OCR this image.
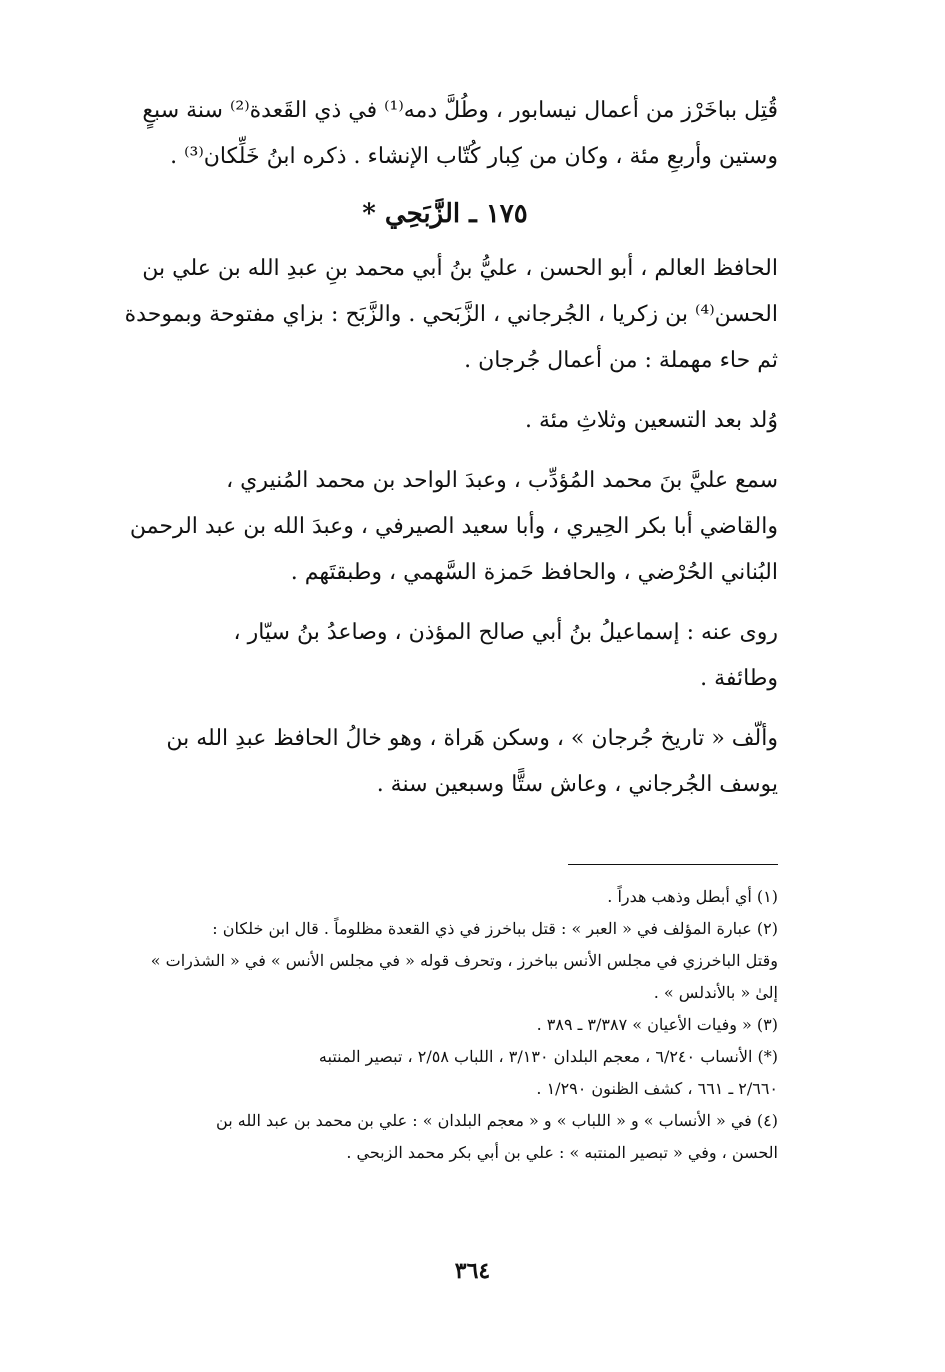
قُتِل بباخَرْز من أعمال نيسابور ، وطُلَّ دمه⁽¹⁾ في ذي القَعدة⁽²⁾ سنة سبعٍ

وستين وأربعِ مئة ، وكان من كِبار كُتّاب الإنشاء . ذكره ابنُ خَلِّكان⁽³⁾ .

١٧٥ ـ الزَّبَحِي *

الحافظ العالم ، أبو الحسن ، عليُّ بنُ أبي محمد بنِ عبدِ الله بن علي بن

الحسن⁽⁴⁾ بن زكريا ، الجُرجاني ، الزَّبَحي . والزَّبَح : بزاي مفتوحة وبموحدة

ثم حاء مهملة : من أعمال جُرجان .

وُلد بعد التسعين وثلاثِ مئة .

سمع عليَّ بنَ محمد المُؤدِّب ، وعبدَ الواحد بن محمد المُنيري ،

والقاضي أبا بكر الحِيري ، وأبا سعيد الصيرفي ، وعبدَ الله بن عبد الرحمن

البُناني الحُرْضي ، والحافظ حَمزة السَّهمي ، وطبقتَهم .

روى عنه : إسماعيلُ بنُ أبي صالح المؤذن ، وصاعدُ بنُ سيّار ،

وطائفة .

وألّف « تاريخ جُرجان » ، وسكن هَراة ، وهو خالُ الحافظ عبدِ الله بن

يوسف الجُرجاني ، وعاش ستًّا وسبعين سنة .

(١) أي أبطل وذهب هدراً .

(٢) عبارة المؤلف في « العبر » : قتل بباخرز في ذي القعدة مظلوماً . قال ابن خلكان :

وقتل الباخرزي في مجلس الأنس بباخرز ، وتحرف قوله « في مجلس الأنس » في « الشذرات »

إلىٰ « بالأندلس » .

(٣) « وفيات الأعيان » ٣/٣٨٧ ـ ٣٨٩ .

(*) الأنساب ٦/٢٤٠ ، معجم البلدان ٣/١٣٠ ، اللباب ٢/٥٨ ، تبصير المنتبه

٢/٦٦٠ ـ ٦٦١ ، كشف الظنون ١/٢٩٠ .

(٤) في « الأنساب » و « اللباب » و « معجم البلدان » : علي بن محمد بن عبد الله بن

الحسن ، وفي « تبصير المنتبه » : علي بن أبي بكر محمد الزبحي .

٣٦٤
